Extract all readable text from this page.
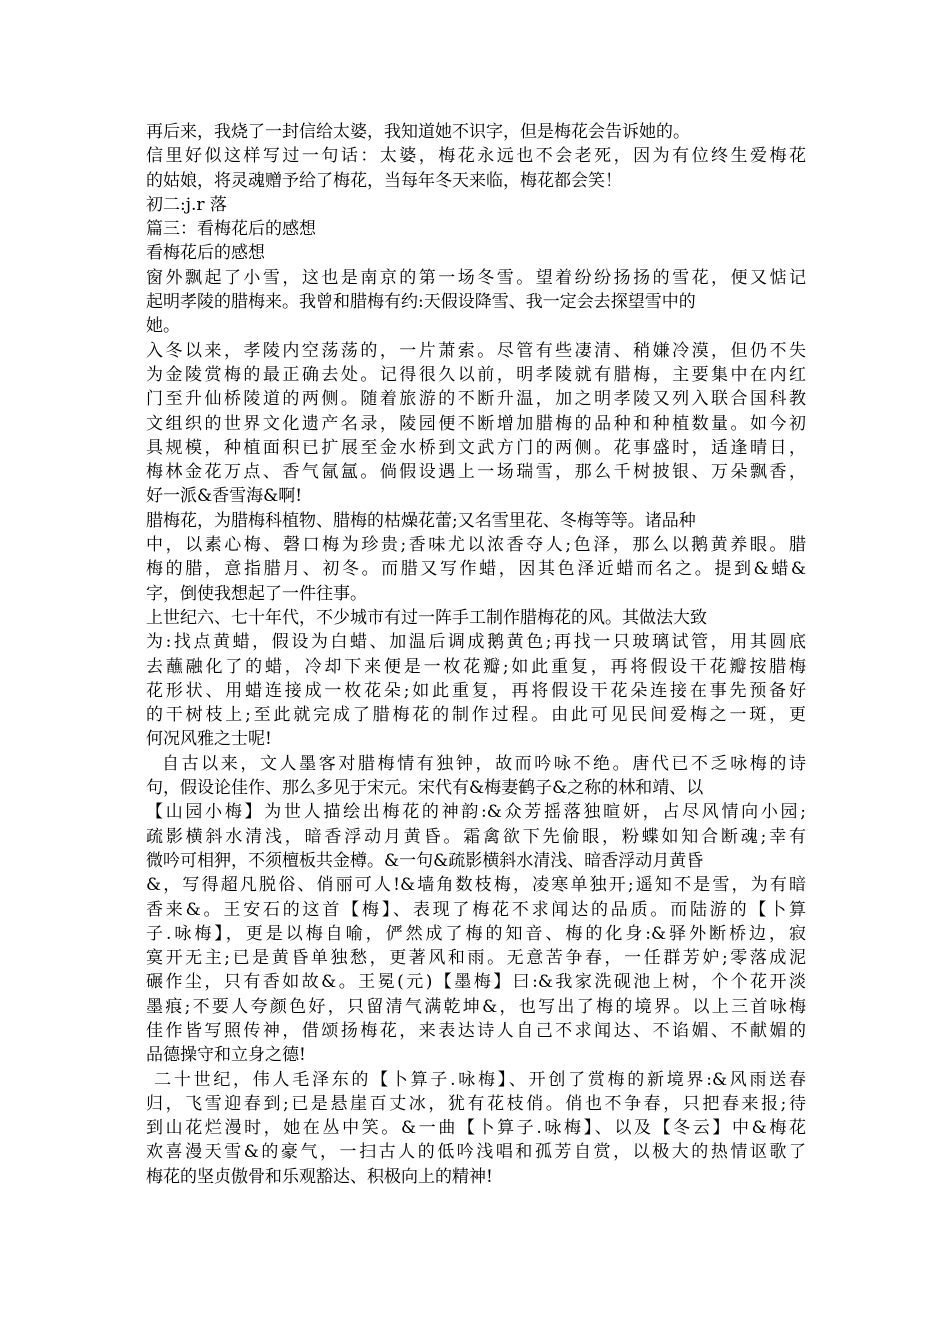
再后来，我烧了一封信给太婆，我知道她不识字，但是梅花会告诉她的。
信里好似这样写过一句话：太婆，梅花永远也不会老死，因为有位终生爱梅花
的姑娘，将灵魂赠予给了梅花，当每年冬天来临，梅花都会笑！
初二:j.r 落
篇三：看梅花后的感想
看梅花后的感想
窗外飘起了小雪，这也是南京的第一场冬雪。望着纷纷扬扬的雪花，便又惦记
起明孝陵的腊梅来。我曾和腊梅有约:天假设降雪、我一定会去探望雪中的
她。
入冬以来，孝陵内空荡荡的，一片萧索。尽管有些凄清、稍嫌冷漠，但仍不失
为金陵赏梅的最正确去处。记得很久以前，明孝陵就有腊梅，主要集中在内红
门至升仙桥陵道的两侧。随着旅游的不断升温，加之明孝陵又列入联合国科教
文组织的世界文化遗产名录，陵园便不断增加腊梅的品种和种植数量。如今初
具规模，种植面积已扩展至金水桥到文武方门的两侧。花事盛时，适逢晴日，
梅林金花万点、香气氤氲。倘假设遇上一场瑞雪，那么千树披银、万朵飘香，
好一派&香雪海&啊!
腊梅花，为腊梅科植物、腊梅的枯燥花蕾;又名雪里花、冬梅等等。诸品种
中，以素心梅、磬口梅为珍贵;香味尤以浓香夺人;色泽，那么以鹅黄养眼。腊
梅的腊，意指腊月、初冬。而腊又写作蜡，因其色泽近蜡而名之。提到&蜡&
字，倒使我想起了一件往事。
上世纪六、七十年代，不少城市有过一阵手工制作腊梅花的风。其做法大致
为:找点黄蜡，假设为白蜡、加温后调成鹅黄色;再找一只玻璃试管，用其圆底
去蘸融化了的蜡，冷却下来便是一枚花瓣;如此重复，再将假设干花瓣按腊梅
花形状、用蜡连接成一枚花朵;如此重复，再将假设干花朵连接在事先预备好
的干树枝上;至此就完成了腊梅花的制作过程。由此可见民间爱梅之一斑，更
何况风雅之士呢!
自古以来，文人墨客对腊梅情有独钟，故而吟咏不绝。唐代已不乏咏梅的诗
句，假设论佳作、那么多见于宋元。宋代有&梅妻鹤子&之称的林和靖、以
【山园小梅】为世人描绘出梅花的神韵:&众芳摇落独暄妍，占尽风情向小园;
疏影横斜水清浅，暗香浮动月黄昏。霜禽欲下先偷眼，粉蝶如知合断魂;幸有
微吟可相狎，不须檀板共金樽。&一句&疏影横斜水清浅、暗香浮动月黄昏
&，写得超凡脱俗、俏丽可人!&墙角数枝梅，凌寒单独开;遥知不是雪，为有暗
香来&。王安石的这首【梅】、表现了梅花不求闻达的品质。而陆游的【卜算
子.咏梅】，更是以梅自喻，俨然成了梅的知音、梅的化身:&驿外断桥边，寂
寞开无主;已是黄昏单独愁，更著风和雨。无意苦争春，一任群芳妒;零落成泥
碾作尘，只有香如故&。王冕(元)【墨梅】曰:&我家洗砚池上树，个个花开淡
墨痕;不要人夸颜色好，只留清气满乾坤&，也写出了梅的境界。以上三首咏梅
佳作皆写照传神，借颂扬梅花，来表达诗人自己不求闻达、不谄媚、不献媚的
品德操守和立身之德!
二十世纪，伟人毛泽东的【卜算子.咏梅】、开创了赏梅的新境界:&风雨送春
归，飞雪迎春到;已是悬崖百丈冰，犹有花枝俏。俏也不争春，只把春来报;待
到山花烂漫时，她在丛中笑。&一曲【卜算子.咏梅】、以及【冬云】中&梅花
欢喜漫天雪&的豪气，一扫古人的低吟浅唱和孤芳自赏，以极大的热情讴歌了
梅花的坚贞傲骨和乐观豁达、积极向上的精神!
